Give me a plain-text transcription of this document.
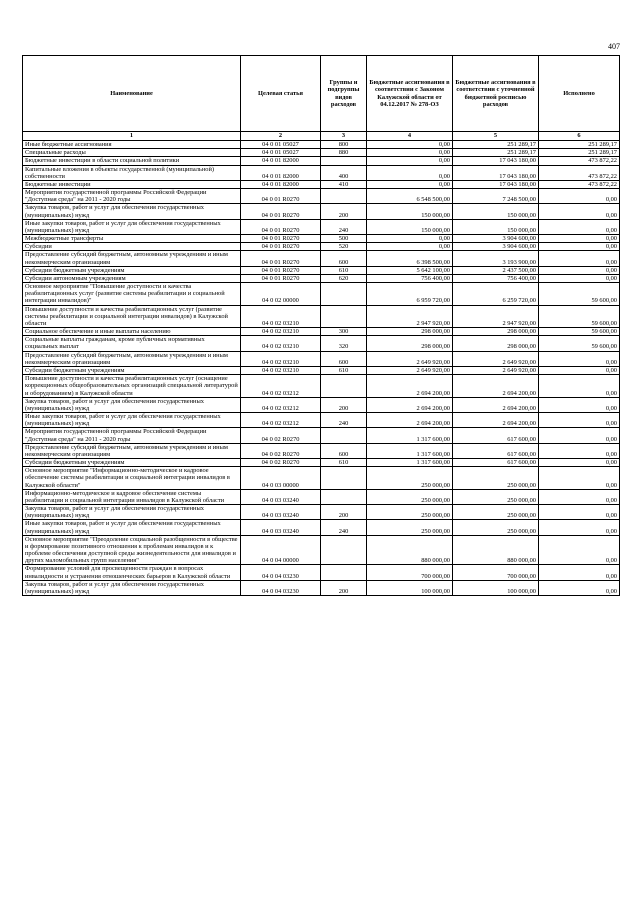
407
Наименование	Целевая статья	Группы и подгруппы видов расходов	Бюджетные ассигнования в соответствии с Законом Калужской области от 04.12.2017 № 278-ОЗ	Бюджетные ассигнования в соответствии с уточненной бюджетной росписью расходов	Исполнено
1	2	3	4	5	6
Иные бюджетные ассигнования	04 0 01 05027	800	0,00	251 289,17	251 289,17
Специальные расходы	04 0 01 05027	880	0,00	251 289,17	251 289,17
Бюджетные инвестиции в области социальной политики	04 0 01 82000		0,00	17 043 180,00	473 872,22
Капитальные вложения в объекты государственной (муниципальной) собственности	04 0 01 82000	400	0,00	17 043 180,00	473 872,22
Бюджетные инвестиции	04 0 01 82000	410	0,00	17 043 180,00	473 872,22
Мероприятия государственной программы Российской Федерации "Доступная среда" на 2011 - 2020 годы	04 0 01 R0270		6 548 500,00	7 248 500,00	0,00
Закупка товаров, работ и услуг для обеспечения государственных (муниципальных) нужд	04 0 01 R0270	200	150 000,00	150 000,00	0,00
Иные закупки товаров, работ и услуг для обеспечения государственных (муниципальных) нужд	04 0 01 R0270	240	150 000,00	150 000,00	0,00
Межбюджетные трансферты	04 0 01 R0270	500	0,00	3 904 600,00	0,00
Субсидии	04 0 01 R0270	520	0,00	3 904 600,00	0,00
Предоставление субсидий бюджетным, автономным учреждениям и иным некоммерческим организациям	04 0 01 R0270	600	6 398 500,00	3 193 900,00	0,00
Субсидии бюджетным учреждениям	04 0 01 R0270	610	5 642 100,00	2 437 500,00	0,00
Субсидии автономным учреждениям	04 0 01 R0270	620	756 400,00	756 400,00	0,00
Основное мероприятие "Повышение доступности и качества реабилитационных услуг (развитие системы реабилитации и социальной интеграции инвалидов)"	04 0 02 00000		6 959 720,00	6 259 720,00	59 600,00
Повышение доступности и качества реабилитационных услуг (развитие системы реабилитации и социальной интеграции инвалидов) в Калужской области	04 0 02 03210		2 947 920,00	2 947 920,00	59 600,00
Социальное обеспечение и иные выплаты населению	04 0 02 03210	300	298 000,00	298 000,00	59 600,00
Социальные выплаты гражданам, кроме публичных нормативных социальных выплат	04 0 02 03210	320	298 000,00	298 000,00	59 600,00
Предоставление субсидий бюджетным, автономным учреждениям и иным некоммерческим организациям	04 0 02 03210	600	2 649 920,00	2 649 920,00	0,00
Субсидии бюджетным учреждениям	04 0 02 03210	610	2 649 920,00	2 649 920,00	0,00
Повышение доступности и качества реабилитационных услуг (оснащение коррекционных общеобразовательных организаций специальной литературой и оборудованием) в Калужской области	04 0 02 03212		2 694 200,00	2 694 200,00	0,00
Закупка товаров, работ и услуг для обеспечения государственных (муниципальных) нужд	04 0 02 03212	200	2 694 200,00	2 694 200,00	0,00
Иные закупки товаров, работ и услуг для обеспечения государственных (муниципальных) нужд	04 0 02 03212	240	2 694 200,00	2 694 200,00	0,00
Мероприятия государственной программы Российской Федерации "Доступная среда" на 2011 - 2020 годы	04 0 02 R0270		1 317 600,00	617 600,00	0,00
Предоставление субсидий бюджетным, автономным учреждениям и иным некоммерческим организациям	04 0 02 R0270	600	1 317 600,00	617 600,00	0,00
Субсидии бюджетным учреждениям	04 0 02 R0270	610	1 317 600,00	617 600,00	0,00
Основное мероприятие "Информационно-методическое и кадровое обеспечение системы реабилитации и социальной интеграции инвалидов в Калужской области"	04 0 03 00000		250 000,00	250 000,00	0,00
Информационно-методическое и кадровое обеспечение системы реабилитации и социальной интеграции инвалидов в Калужской области	04 0 03 03240		250 000,00	250 000,00	0,00
Закупка товаров, работ и услуг для обеспечения государственных (муниципальных) нужд	04 0 03 03240	200	250 000,00	250 000,00	0,00
Иные закупки товаров, работ и услуг для обеспечения государственных (муниципальных) нужд	04 0 03 03240	240	250 000,00	250 000,00	0,00
Основное мероприятие "Преодоление социальной разобщенности в обществе и формирование позитивного отношения к проблемам инвалидов и к проблеме обеспечения доступной среды жизнедеятельности для инвалидов и других маломобильных групп населения"	04 0 04 00000		880 000,00	880 000,00	0,00
Формирование условий для просвещенности граждан в вопросах инвалидности и устранения отношенческих барьеров в Калужской области	04 0 04 03230		700 000,00	700 000,00	0,00
Закупка товаров, работ и услуг для обеспечения государственных (муниципальных) нужд	04 0 04 03230	200	100 000,00	100 000,00	0,00
